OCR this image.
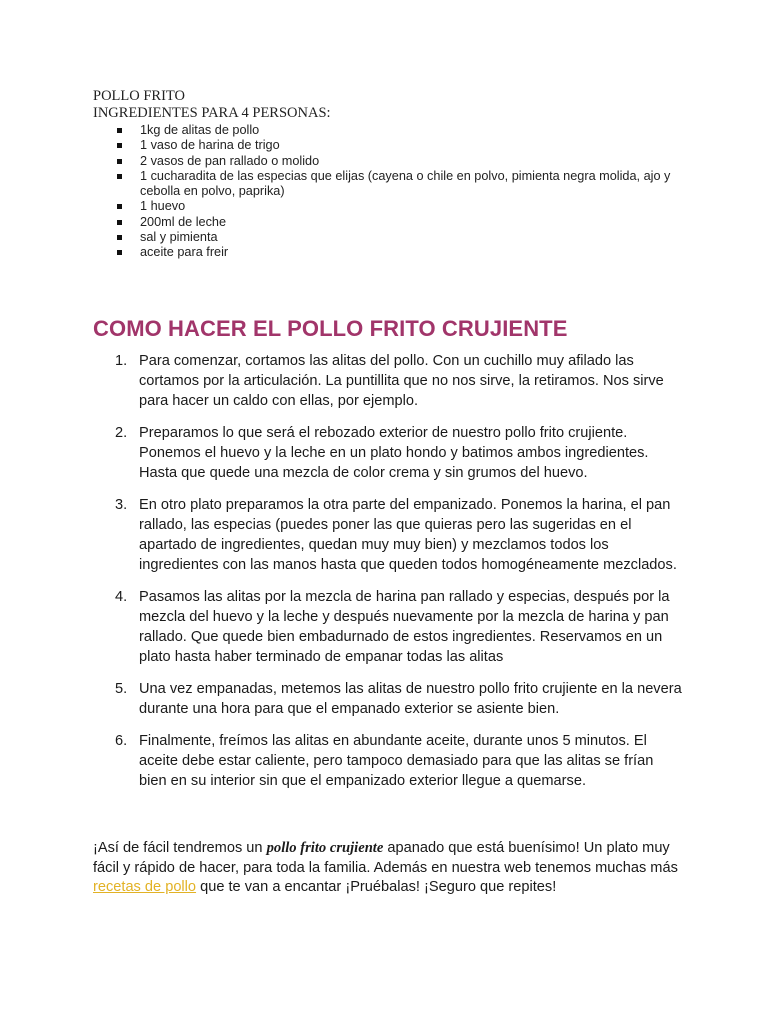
POLLO FRITO
INGREDIENTES PARA 4 PERSONAS:
1kg de alitas de pollo
1 vaso de harina de trigo
2 vasos de pan rallado o molido
1 cucharadita de las especias que elijas (cayena o chile en polvo, pimienta negra molida, ajo y cebolla en polvo, paprika)
1 huevo
200ml de leche
sal y pimienta
aceite para freir
COMO HACER EL POLLO FRITO CRUJIENTE
1. Para comenzar, cortamos las alitas del pollo. Con un cuchillo muy afilado las cortamos por la articulación. La puntillita que no nos sirve, la retiramos. Nos sirve para hacer un caldo con ellas, por ejemplo.
2. Preparamos lo que será el rebozado exterior de nuestro pollo frito crujiente. Ponemos el huevo y la leche en un plato hondo y batimos ambos ingredientes. Hasta que quede una mezcla de color crema y sin grumos del huevo.
3. En otro plato preparamos la otra parte del empanizado. Ponemos la harina, el pan rallado, las especias (puedes poner las que quieras pero las sugeridas en el apartado de ingredientes, quedan muy muy bien) y mezclamos todos los ingredientes con las manos hasta que queden todos homogéneamente mezclados.
4. Pasamos las alitas por la mezcla de harina pan rallado y especias, después por la mezcla del huevo y la leche y después nuevamente por la mezcla de harina y pan rallado. Que quede bien embadurnado de estos ingredientes. Reservamos en un plato hasta haber terminado de empanar todas las alitas
5. Una vez empanadas, metemos las alitas de nuestro pollo frito crujiente en la nevera durante una hora para que el empanado exterior se asiente bien.
6. Finalmente, freímos las alitas en abundante aceite, durante unos 5 minutos. El aceite debe estar caliente, pero tampoco demasiado para que las alitas se frían bien en su interior sin que el empanizado exterior llegue a quemarse.

¡Así de fácil tendremos un pollo frito crujiente apanado que está buenísimo! Un plato muy fácil y rápido de hacer, para toda la familia. Además en nuestra web tenemos muchas más recetas de pollo que te van a encantar ¡Pruébalas! ¡Seguro que repites!
